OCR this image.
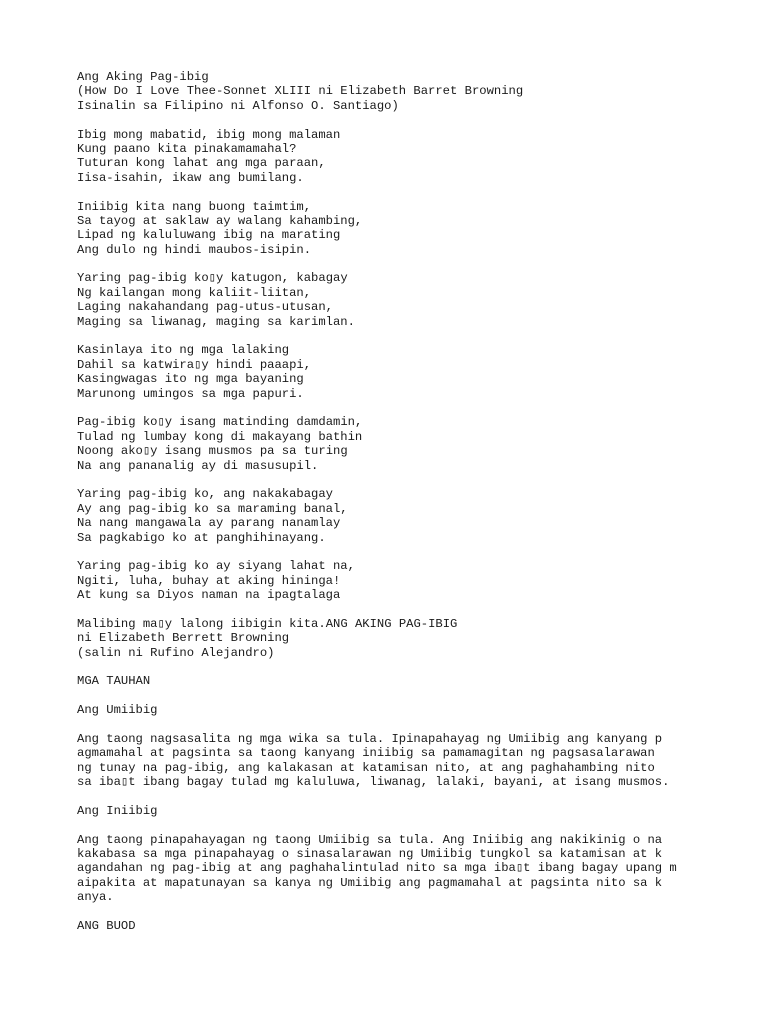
Ang Aking Pag-ibig
(How Do I Love Thee-Sonnet XLIII ni Elizabeth Barret Browning
Isinalin sa Filipino ni Alfonso O. Santiago)
Ibig mong mabatid, ibig mong malaman
Kung paano kita pinakamamahal?
Tuturan kong lahat ang mga paraan,
Iisa-isahin, ikaw ang bumilang.
Iniibig kita nang buong taimtim,
Sa tayog at saklaw ay walang kahambing,
Lipad ng kaluluwang ibig na marating
Ang dulo ng hindi maubos-isipin.
Yaring pag-ibig ko▯y katugon, kabagay
Ng kailangan mong kaliit-liitan,
Laging nakahandang pag-utus-utusan,
Maging sa liwanag, maging sa karimlan.
Kasinlaya ito ng mga lalaking
Dahil sa katwira▯y hindi paaapi,
Kasingwagas ito ng mga bayaning
Marunong umingos sa mga papuri.
Pag-ibig ko▯y isang matinding damdamin,
Tulad ng lumbay kong di makayang bathin
Noong ako▯y isang musmos pa sa turing
Na ang pananalig ay di masusupil.
Yaring pag-ibig ko, ang nakakabagay
Ay ang pag-ibig ko sa maraming banal,
Na nang mangawala ay parang nanamlay
Sa pagkabigo ko at panghihinayang.
Yaring pag-ibig ko ay siyang lahat na,
Ngiti, luha, buhay at aking hininga!
At kung sa Diyos naman na ipagtalaga
Malibing ma▯y lalong iibigin kita.ANG AKING PAG-IBIG
ni Elizabeth Berrett Browning
(salin ni Rufino Alejandro)
MGA TAUHAN
Ang Umiibig
Ang taong nagsasalita ng mga wika sa tula. Ipinapahayag ng Umiibig ang kanyang p
agmamahal at pagsinta sa taong kanyang iniibig sa pamamagitan ng pagsasalarawan
ng tunay na pag-ibig, ang kalakasan at katamisan nito, at ang paghahambing nito
sa iba▯t ibang bagay tulad mg kaluluwa, liwanag, lalaki, bayani, at isang musmos.
Ang Iniibig
Ang taong pinapahayagan ng taong Umiibig sa tula. Ang Iniibig ang nakikinig o na
kakabasa sa mga pinapahayag o sinasalarawan ng Umiibig tungkol sa katamisan at k
agandahan ng pag-ibig at ang paghahalintulad nito sa mga iba▯t ibang bagay upang m
aipakita at mapatunayan sa kanya ng Umiibig ang pagmamahal at pagsinta nito sa k
anya.
ANG BUOD
